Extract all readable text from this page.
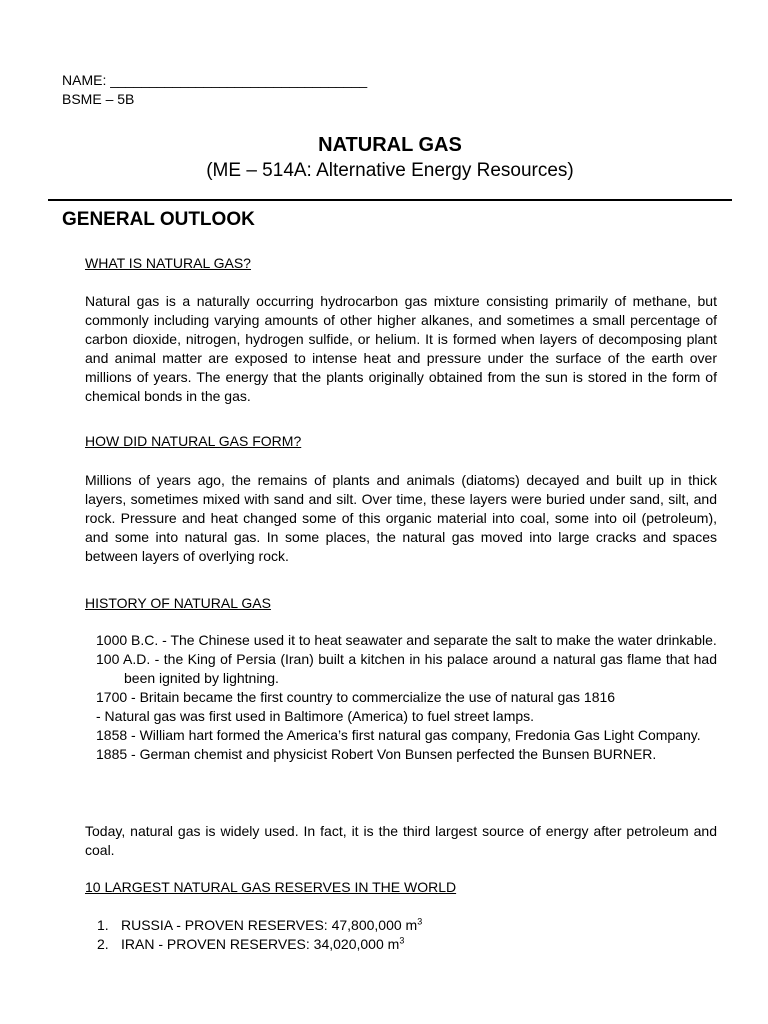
NAME: _________________________________
BSME – 5B
NATURAL GAS
(ME – 514A: Alternative Energy Resources)
GENERAL OUTLOOK
WHAT IS NATURAL GAS?
Natural gas is a naturally occurring hydrocarbon gas mixture consisting primarily of methane, but commonly including varying amounts of other higher alkanes, and sometimes a small percentage of carbon dioxide, nitrogen, hydrogen sulfide, or helium. It is formed when layers of decomposing plant and animal matter are exposed to intense heat and pressure under the surface of the earth over millions of years. The energy that the plants originally obtained from the sun is stored in the form of chemical bonds in the gas.
HOW DID NATURAL GAS FORM?
Millions of years ago, the remains of plants and animals (diatoms) decayed and built up in thick layers, sometimes mixed with sand and silt. Over time, these layers were buried under sand, silt, and rock. Pressure and heat changed some of this organic material into coal, some into oil (petroleum), and some into natural gas. In some places, the natural gas moved into large cracks and spaces between layers of overlying rock.
HISTORY OF NATURAL GAS
1000 B.C. - The Chinese used it to heat seawater and separate the salt to make the water drinkable.
100 A.D. - the King of Persia (Iran) built a kitchen in his palace around a natural gas flame that had been ignited by lightning.
1700 - Britain became the first country to commercialize the use of natural gas 1816
- Natural gas was first used in Baltimore (America) to fuel street lamps.
1858 - William hart formed the America’s first natural gas company, Fredonia Gas Light Company.
1885 - German chemist and physicist Robert Von Bunsen perfected the Bunsen BURNER.
Today, natural gas is widely used. In fact, it is the third largest source of energy after petroleum and coal.
10 LARGEST NATURAL GAS RESERVES IN THE WORLD
1. RUSSIA - PROVEN RESERVES: 47,800,000 $m^3$
2. IRAN - PROVEN RESERVES: 34,020,000 $m^3$
